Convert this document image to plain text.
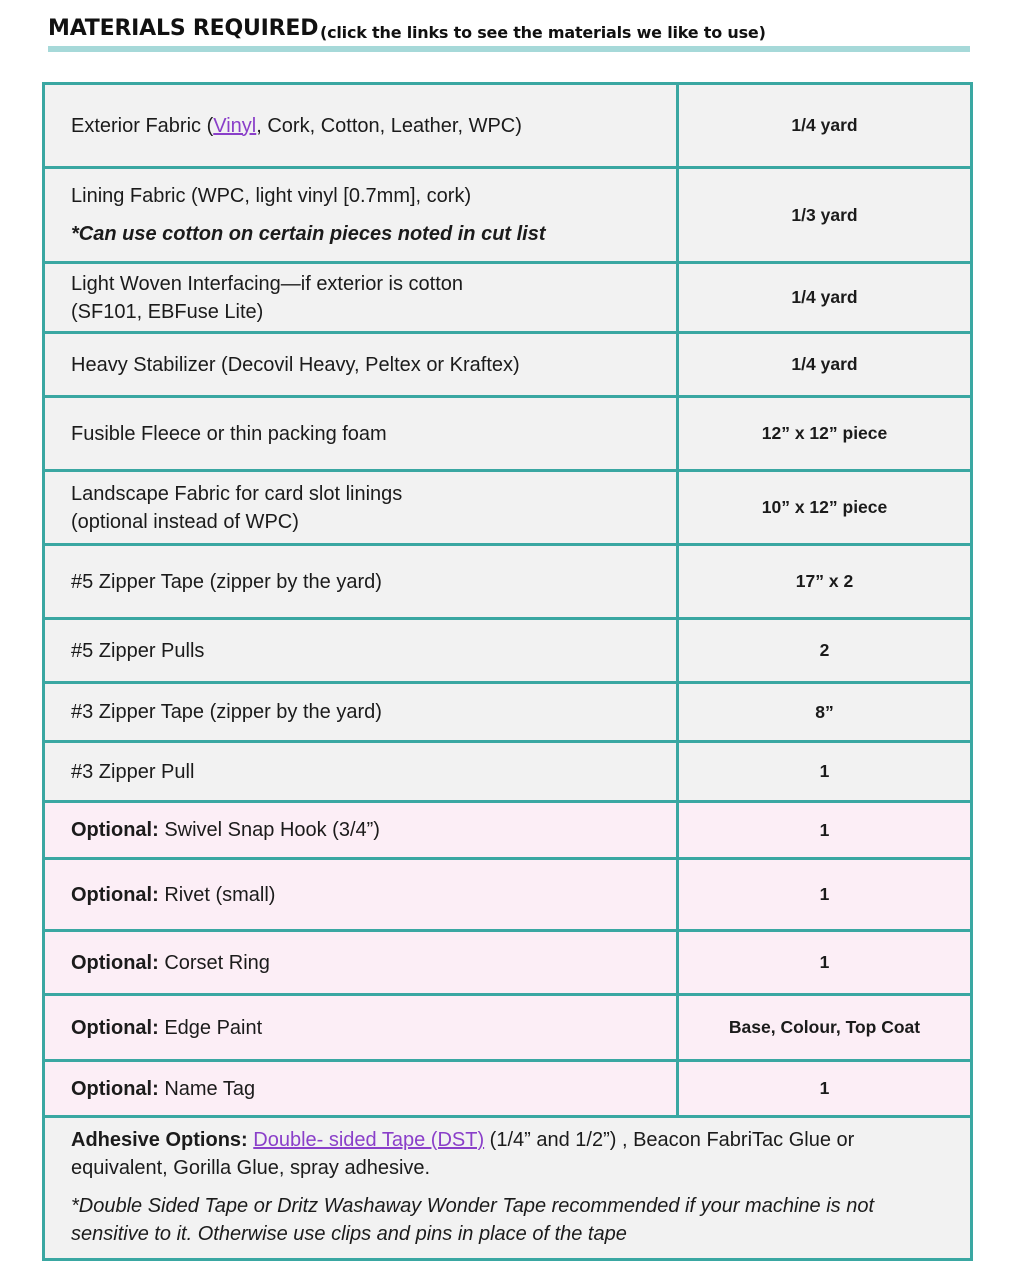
MATERIALS REQUIRED (click the links to see the materials we like to use)
Exterior Fabric (Vinyl, Cork, Cotton, Leather, WPC)	1/4 yard

Lining Fabric (WPC, light vinyl [0.7mm], cork)
*Can use cotton on certain pieces noted in cut list	1/3 yard

Light Woven Interfacing—if exterior is cotton
(SF101, EBFuse Lite)	1/4 yard
Heavy Stabilizer (Decovil Heavy, Peltex or Kraftex)	1/4 yard
Fusible Fleece or thin packing foam	12” x 12” piece

Landscape Fabric for card slot linings
(optional instead of WPC)	10” x 12” piece
#5 Zipper Tape (zipper by the yard)	17” x 2
#5 Zipper Pulls	2
#3 Zipper Tape (zipper by the yard)	8”
#3 Zipper Pull	1
Optional: Swivel Snap Hook (3/4”)	1
Optional: Rivet (small)	1
Optional: Corset Ring	1
Optional: Edge Paint	Base, Colour, Top Coat
Optional: Name Tag	1
Adhesive Options: Double- sided Tape (DST) (1/4” and 1/2”) , Beacon FabriTac Glue or equivalent, Gorilla Glue, spray adhesive.
*Double Sided Tape or Dritz Washaway Wonder Tape recommended if your machine is not sensitive to it. Otherwise use clips and pins in place of the tape	
